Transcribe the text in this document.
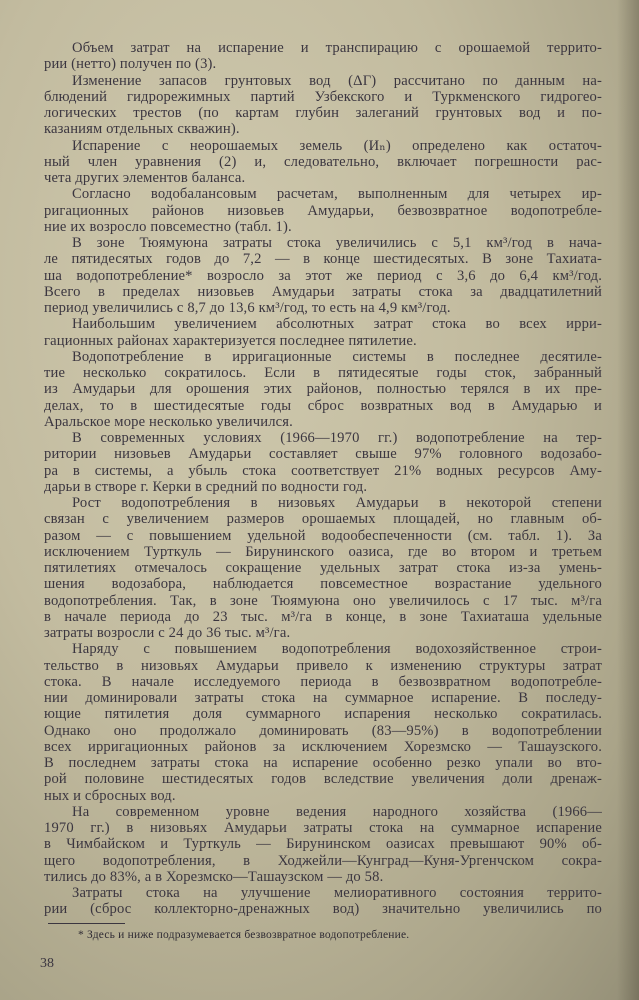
Объем затрат на испарение и транспирацию с орошаемой террито-
рии (нетто) получен по (3).
Изменение запасов грунтовых вод (ΔГ) рассчитано по данным на-
блюдений гидрорежимных партий Узбекского и Туркменского гидрогео-
логических трестов (по картам глубин залеганий грунтовых вод и по-
казаниям отдельных скважин).
Испарение с неорошаемых земель (Иₙ) определено как остаточ-
ный член уравнения (2) и, следовательно, включает погрешности рас-
чета других элементов баланса.
Согласно водобалансовым расчетам, выполненным для четырех ир-
ригационных районов низовьев Амударьи, безвозвратное водопотребле-
ние их возросло повсеместно (табл. 1).
В зоне Тюямуюна затраты стока увеличились с 5,1 км³/год в нача-
ле пятидесятых годов до 7,2 — в конце шестидесятых. В зоне Тахиата-
ша водопотребление* возросло за этот же период с 3,6 до 6,4 км³/год.
Всего в пределах низовьев Амударьи затраты стока за двадцатилетний
период увеличились с 8,7 до 13,6 км³/год, то есть на 4,9 км³/год.
Наибольшим увеличением абсолютных затрат стока во всех ирри-
гационных районах характеризуется последнее пятилетие.
Водопотребление в ирригационные системы в последнее десятиле-
тие несколько сократилось. Если в пятидесятые годы сток, забранный
из Амударьи для орошения этих районов, полностью терялся в их пре-
делах, то в шестидесятые годы сброс возвратных вод в Амударью и
Аральское море несколько увеличился.
В современных условиях (1966—1970 гг.) водопотребление на тер-
ритории низовьев Амударьи составляет свыше 97% головного водозабо-
ра в системы, а убыль стока соответствует 21% водных ресурсов Аму-
дарьи в створе г. Керки в средний по водности год.
Рост водопотребления в низовьях Амударьи в некоторой степени
связан с увеличением размеров орошаемых площадей, но главным об-
разом — с повышением удельной водообеспеченности (см. табл. 1). За
исключением Турткуль — Бирунинского оазиса, где во втором и третьем
пятилетиях отмечалось сокращение удельных затрат стока из-за умень-
шения водозабора, наблюдается повсеместное возрастание удельного
водопотребления. Так, в зоне Тюямуюна оно увеличилось с 17 тыс. м³/га
в начале периода до 23 тыс. м³/га в конце, в зоне Тахиаташа удельные
затраты возросли с 24 до 36 тыс. м³/га.
Наряду с повышением водопотребления водохозяйственное строи-
тельство в низовьях Амударьи привело к изменению структуры затрат
стока. В начале исследуемого периода в безвозвратном водопотребле-
нии доминировали затраты стока на суммарное испарение. В последу-
ющие пятилетия доля суммарного испарения несколько сократилась.
Однако оно продолжало доминировать (83—95%) в водопотреблении
всех ирригационных районов за исключением Хорезмско — Ташаузского.
В последнем затраты стока на испарение особенно резко упали во вто-
рой половине шестидесятых годов вследствие увеличения доли дренаж-
ных и сбросных вод.
На современном уровне ведения народного хозяйства (1966—
1970 гг.) в низовьях Амударьи затраты стока на суммарное испарение
в Чимбайском и Турткуль — Бирунинском оазисах превышают 90% об-
щего водопотребления, в Ходжейли—Кунград—Куня-Ургенчском сокра-
тились до 83%, а в Хорезмско—Ташаузском — до 58.
Затраты стока на улучшение мелиоративного состояния террито-
рии (сброс коллекторно-дренажных вод) значительно увеличились по
* Здесь и ниже подразумевается безвозвратное водопотребление.
38
